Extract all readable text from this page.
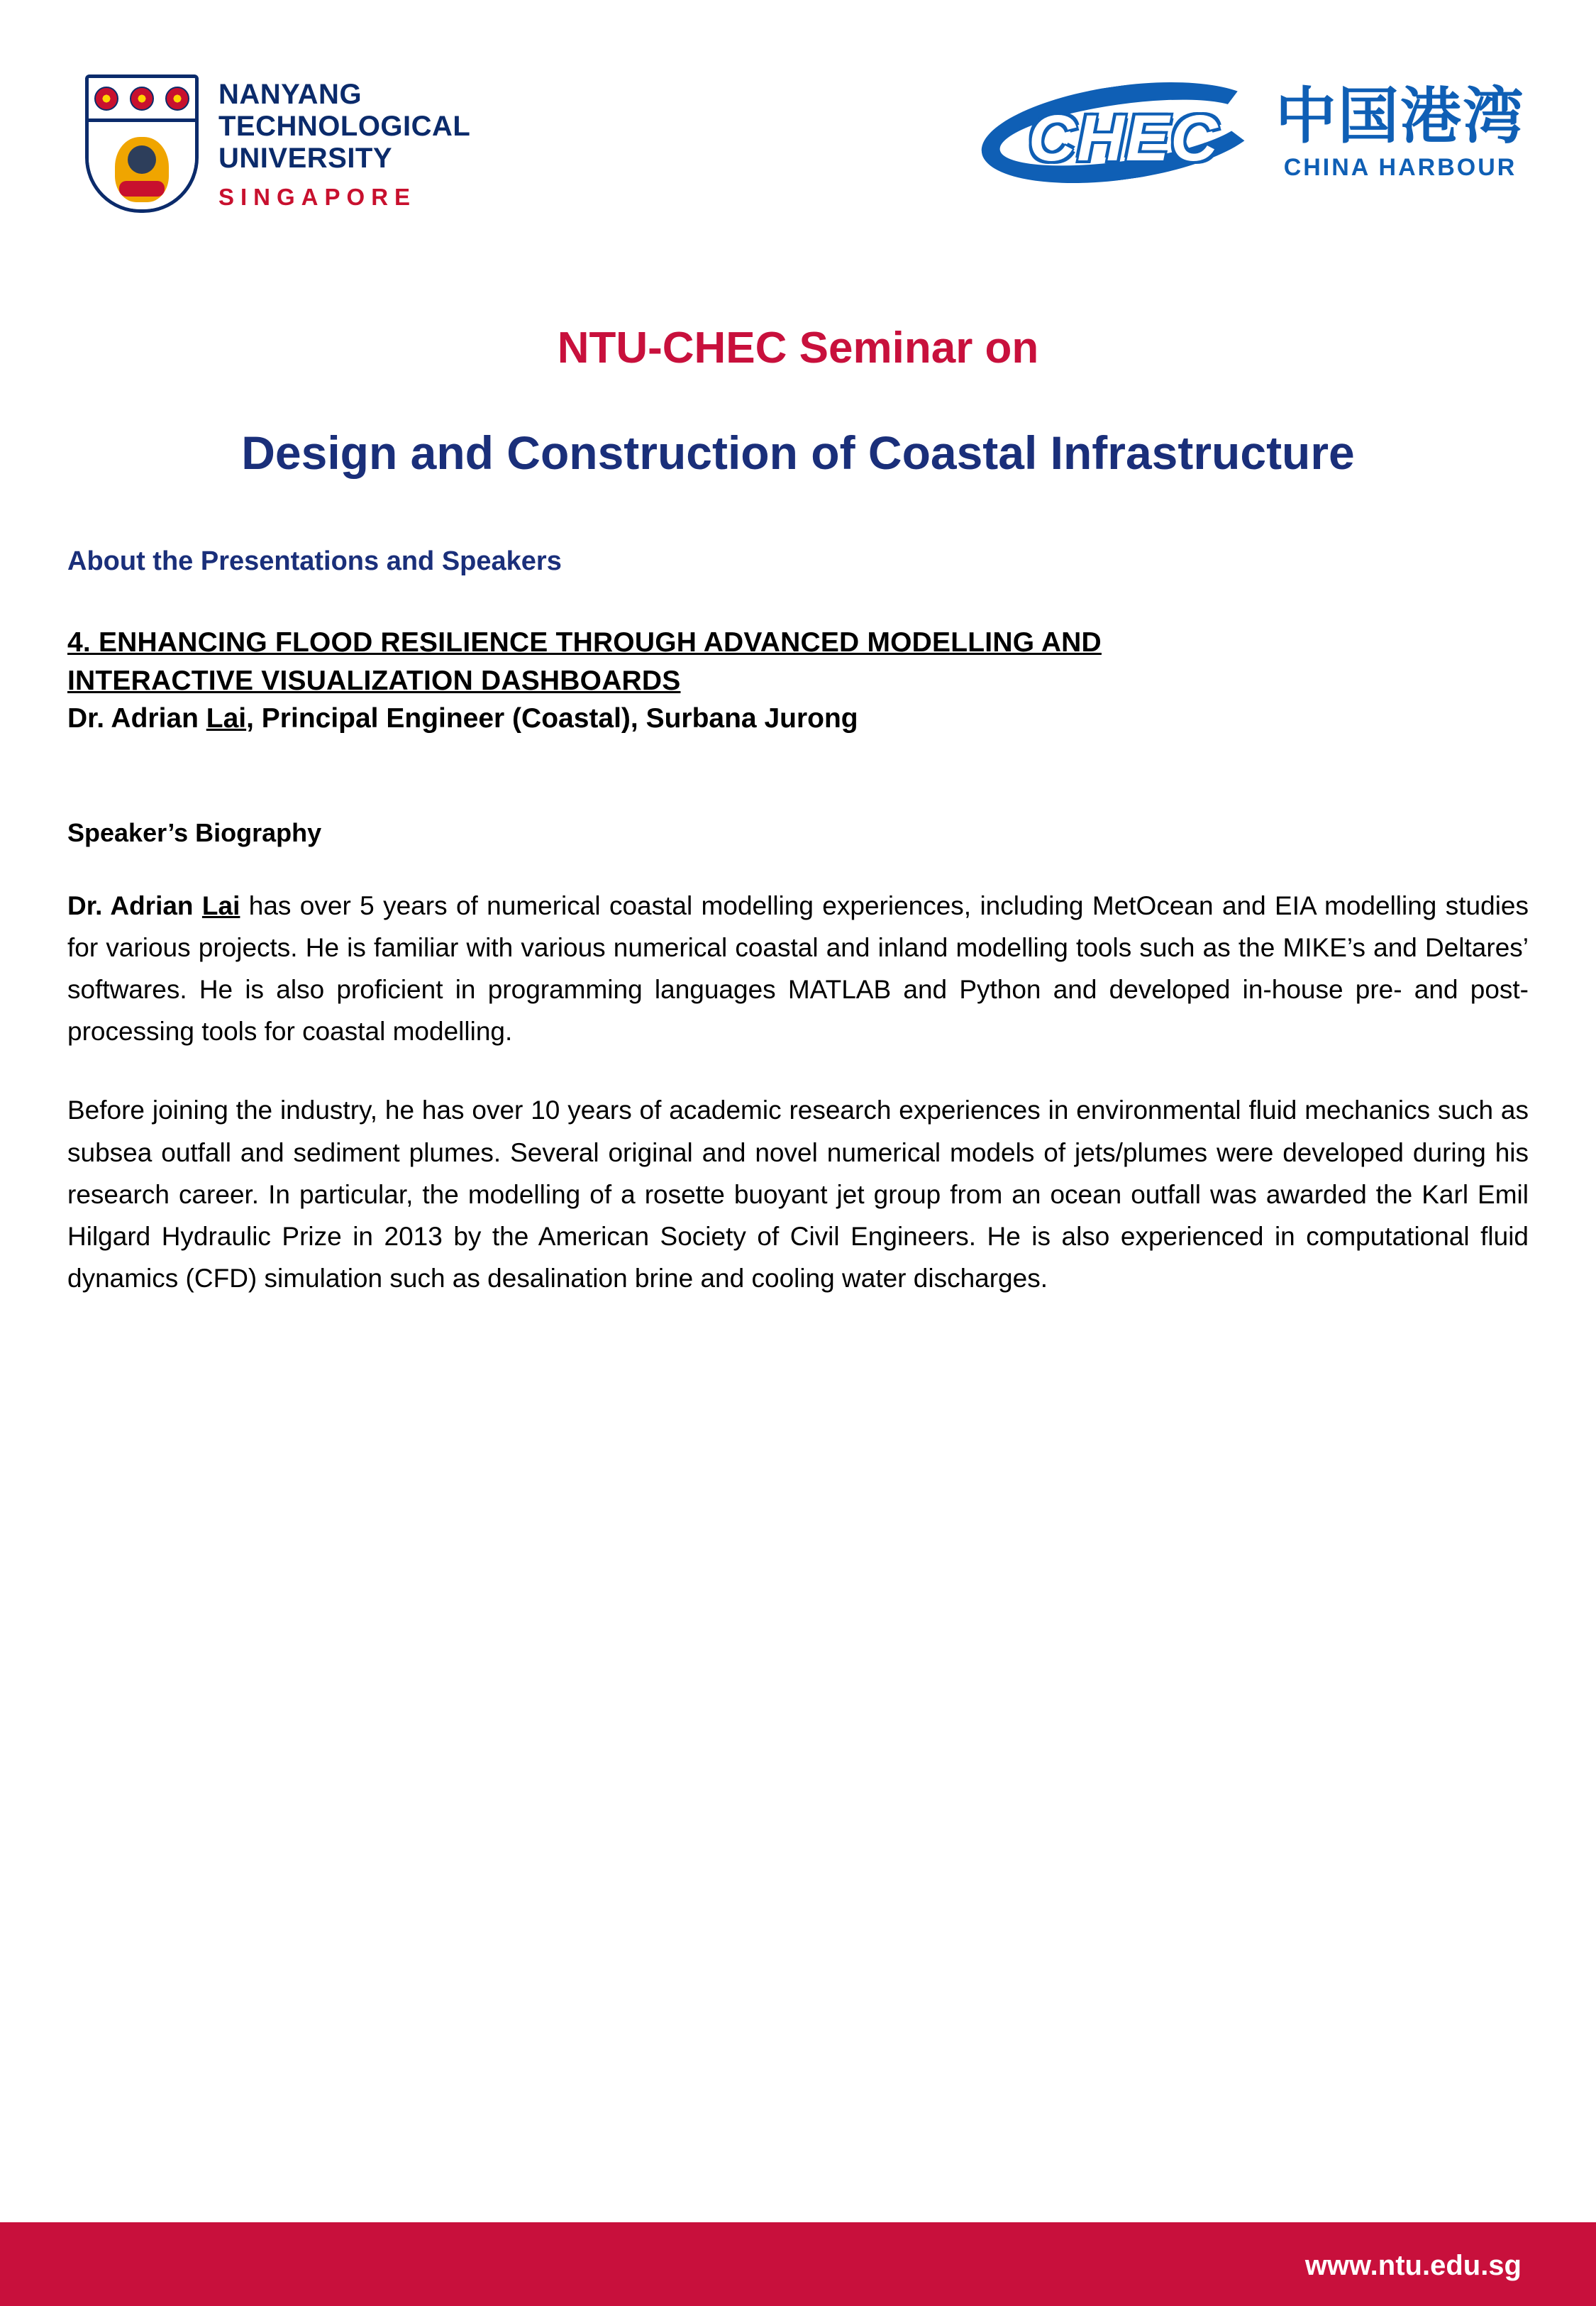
NANYANG
TECHNOLOGICAL
UNIVERSITY
SINGAPORE
CHEC 中国港湾
CHINA HARBOUR
NTU-CHEC Seminar on
Design and Construction of Coastal Infrastructure
About the Presentations and Speakers
4. ENHANCING FLOOD RESILIENCE THROUGH ADVANCED MODELLING AND
INTERACTIVE VISUALIZATION DASHBOARDS
Dr. Adrian Lai, Principal Engineer (Coastal), Surbana Jurong
Speaker’s Biography
Dr. Adrian Lai has over 5 years of numerical coastal modelling experiences, including MetOcean and EIA modelling studies for various projects. He is familiar with various numerical coastal and inland modelling tools such as the MIKE’s and Deltares’ softwares. He is also proficient in programming languages MATLAB and Python and developed in-house pre- and post-processing tools for coastal modelling.
Before joining the industry, he has over 10 years of academic research experiences in environmental fluid mechanics such as subsea outfall and sediment plumes. Several original and novel numerical models of jets/plumes were developed during his research career. In particular, the modelling of a rosette buoyant jet group from an ocean outfall was awarded the Karl Emil Hilgard Hydraulic Prize in 2013 by the American Society of Civil Engineers. He is also experienced in computational fluid dynamics (CFD) simulation such as desalination brine and cooling water discharges.
www.ntu.edu.sg
